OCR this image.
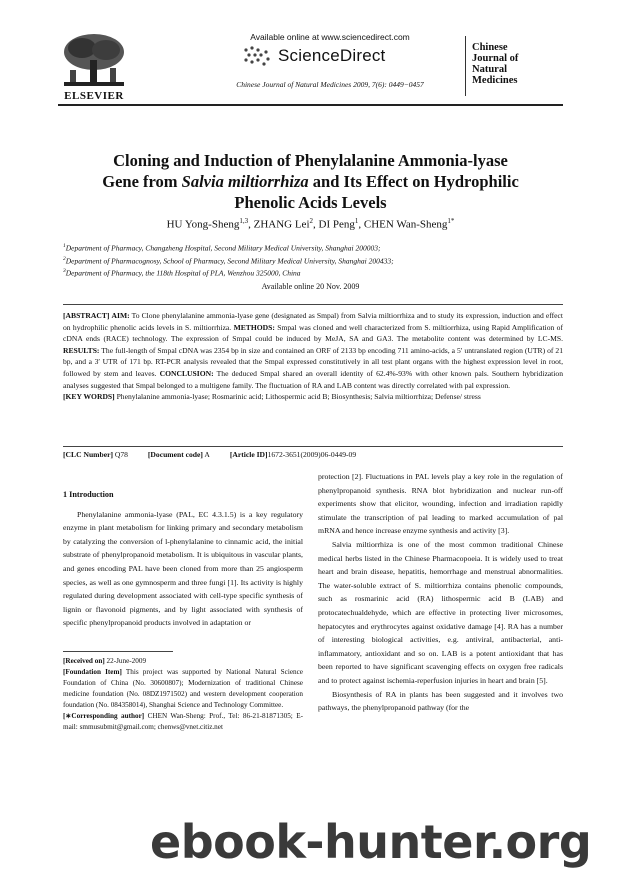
ELSEVIER
Available online at www.sciencedirect.com
ScienceDirect
Chinese Journal of Natural Medicines 2009, 7(6): 0449−0457
Chinese
Journal of
Natural
Medicines
Cloning and Induction of Phenylalanine Ammonia-lyase
Gene from Salvia miltiorrhiza and Its Effect on Hydrophilic
Phenolic Acids Levels
HU Yong-Sheng$^{1,3}$, ZHANG Lei$^2$, DI Peng$^1$, CHEN Wan-Sheng$^{1*}$
$^1$Department of Pharmacy, Changzheng Hospital, Second Military Medical University, Shanghai 200003;
$^2$Department of Pharmacognosy, School of Pharmacy, Second Military Medical University, Shanghai 200433;
$^3$Department of Pharmacy, the 118th Hospital of PLA, Wenzhou 325000, China
Available online 20 Nov. 2009
[ABSTRACT] AIM: To Clone phenylalanine ammonia-lyase gene (designated as Smpal) from Salvia miltiorrhiza and to study its expression, induction and effect on hydrophilic phenolic acids levels in S. miltiorrhiza. METHODS: Smpal was cloned and well characterized from S. miltiorrhiza, using Rapid Amplification of cDNA ends (RACE) technology. The expression of Smpal could be induced by MeJA, SA and GA3. The metabolite content was determined by LC-MS. RESULTS: The full-length of Smpal cDNA was 2354 bp in size and contained an ORF of 2133 bp encoding 711 amino-acids, a 5′ untranslated region (UTR) of 21 bp, and a 3′ UTR of 171 bp. RT-PCR analysis revealed that the Smpal expressed constitutively in all test plant organs with the highest expression level in root, followed by stem and leaves. CONCLUSION: The deduced Smpal shared an overall identity of 62.4%-93% with other known pals. Southern hybridization analyses suggested that Smpal belonged to a multigene family. The fluctuation of RA and LAB content was directly correlated with pal expression.
[KEY WORDS] Phenylalanine ammonia-lyase; Rosmarinic acid; Lithospermic acid B; Biosynthesis; Salvia miltiorrhiza; Defense/ stress
[CLC Number] Q78	[Document code] A	[Article ID]1672-3651(2009)06-0449-09
1 Introduction

Phenylalanine ammonia-lyase (PAL, EC 4.3.1.5) is a key regulatory enzyme in plant metabolism for linking primary and secondary metabolism by catalyzing the conversion of l-phenylalanine to cinnamic acid, the initial substrate of phenylpropanoid metabolism. It is ubiquitous in vascular plants, and genes encoding PAL have been cloned from more than 25 angiosperm species, as well as one gymnosperm and three fungi [1]. Its activity is highly regulated during development associated with cell-type specific synthesis of lignin or flavonoid pigments, and by light associated with synthesis of specific phenylpropanoid products involved in adaptation or

protection [2]. Fluctuations in PAL levels play a key role in the regulation of phenylpropanoid synthesis. RNA blot hybridization and nuclear run-off experiments show that elicitor, wounding, infection and irradiation rapidly stimulate the transcription of pal leading to marked accumulation of pal mRNA and hence increase enzyme synthesis and activity [3].

Salvia miltiorrhiza is one of the most common traditional Chinese medical herbs listed in the Chinese Pharmacopoeia. It is widely used to treat heart and brain disease, hepatitis, hemorrhage and menstrual abnormalities. The water-soluble extract of S. miltiorrhiza contains phenolic compounds, such as rosmarinic acid (RA) lithospermic acid B (LAB) and protocatechualdehyde, which are effective in protecting liver microsomes, hepatocytes and erythrocytes against oxidative damage [4]. RA has a number of interesting biological activities, e.g. antiviral, antibacterial, anti-inflammatory, antioxidant and so on. LAB is a potent antioxidant that has been reported to have significant scavenging effects on oxygen free radicals and to protect against ischemia-reperfusion injuries in heart and brain [5].

Biosynthesis of RA in plants has been suggested and it involves two pathways, the phenylpropanoid pathway (for the

[Received on] 22-June-2009
[Foundation Item] This project was supported by National Natural Science Foundation of China (No. 30600807); Modernization of traditional Chinese medicine foundation (No. 08DZ1971502) and western development cooperation foundation (No. 084358014), Shanghai Science and Technology Committee.
[∗Corresponding author] CHEN Wan-Sheng: Prof., Tel: 86-21-81871305; E-mail: smmusubmit@gmail.com; chenws@vnet.citiz.net
ebook-hunter.org
